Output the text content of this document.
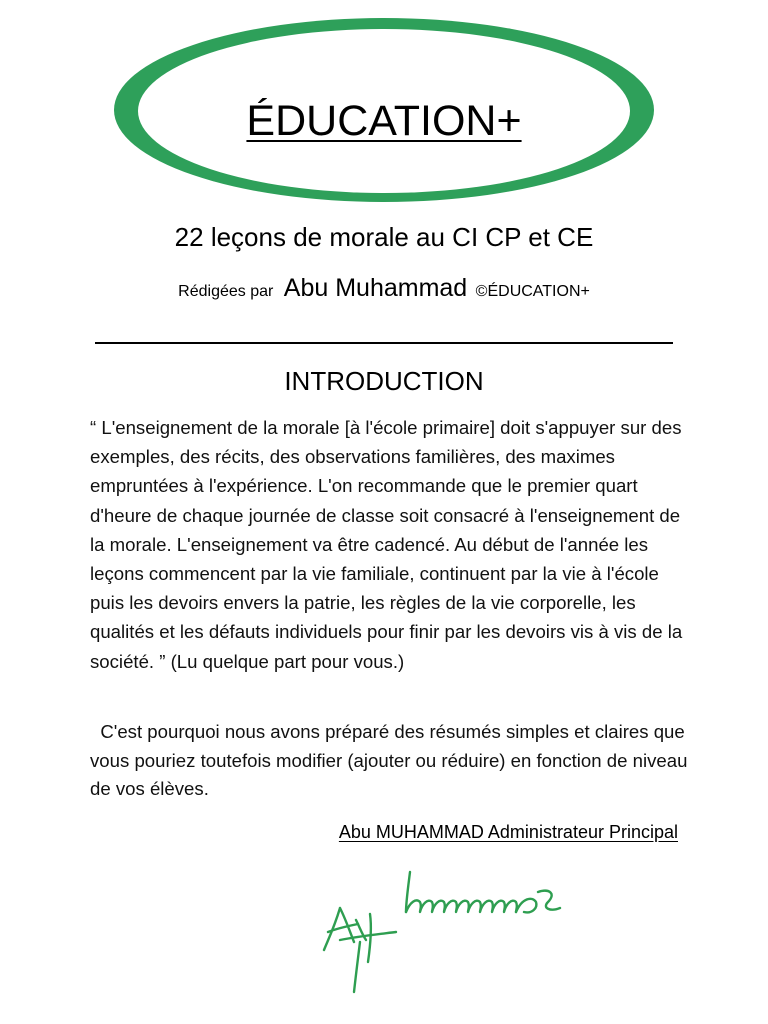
ÉDUCATION+
22 leçons de morale au CI CP et CE
Rédigées par Abu Muhammad ©ÉDUCATION+
INTRODUCTION

“ L'enseignement de la morale [à l'école primaire] doit s'appuyer sur des exemples, des récits, des observations familières, des maximes empruntées à l'expérience. L'on recommande que le premier quart d'heure de chaque journée de classe soit consacré à l'enseignement de la morale. L'enseignement va être cadencé. Au début de l'année les leçons commencent par la vie familiale, continuent par la vie à l'école puis les devoirs envers la patrie, les règles de la vie corporelle, les qualités et les défauts individuels pour finir par les devoirs vis à vis de la société. ” (Lu quelque part pour vous.)

C'est pourquoi nous avons préparé des résumés simples et claires que vous pouriez toutefois modifier (ajouter ou réduire) en fonction de niveau de vos élèves.

Abu MUHAMMAD Administrateur Principal
